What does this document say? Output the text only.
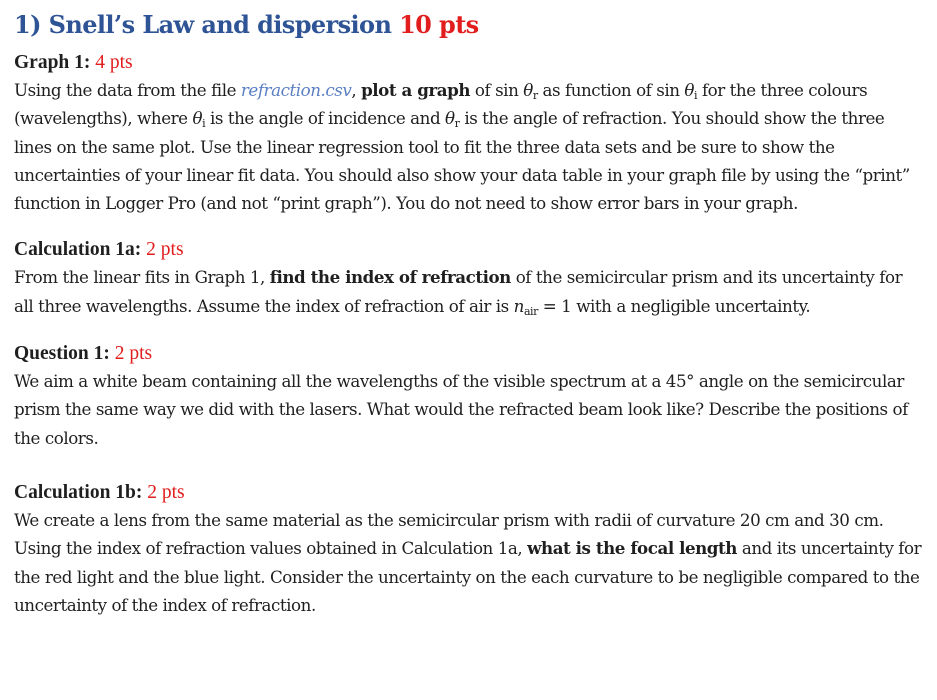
1) Snell’s Law and dispersion 10 pts
Graph 1: 4 pts

Using the data from the file refraction.csv, plot a graph of $\sin \theta_r$ as function of $\sin \theta_i$ for the three colours (wavelengths), where $\theta_i$ is the angle of incidence and $\theta_r$ is the angle of refraction. You should show the three lines on the same plot. Use the linear regression tool to fit the three data sets and be sure to show the uncertainties of your linear fit data. You should also show your data table in your graph file by using the “print” function in Logger Pro (and not “print graph”). You do not need to show error bars in your graph.

Calculation 1a: 2 pts

From the linear fits in Graph 1, find the index of refraction of the semicircular prism and its uncertainty for all three wavelengths. Assume the index of refraction of air is $n_{air} = 1$ with a negligible uncertainty.

Question 1: 2 pts

We aim a white beam containing all the wavelengths of the visible spectrum at a 45° angle on the semicircular prism the same way we did with the lasers. What would the refracted beam look like? Describe the positions of the colors.

Calculation 1b: 2 pts

We create a lens from the same material as the semicircular prism with radii of curvature 20 cm and 30 cm. Using the index of refraction values obtained in Calculation 1a, what is the focal length and its uncertainty for the red light and the blue light. Consider the uncertainty on the each curvature to be negligible compared to the uncertainty of the index of refraction.
